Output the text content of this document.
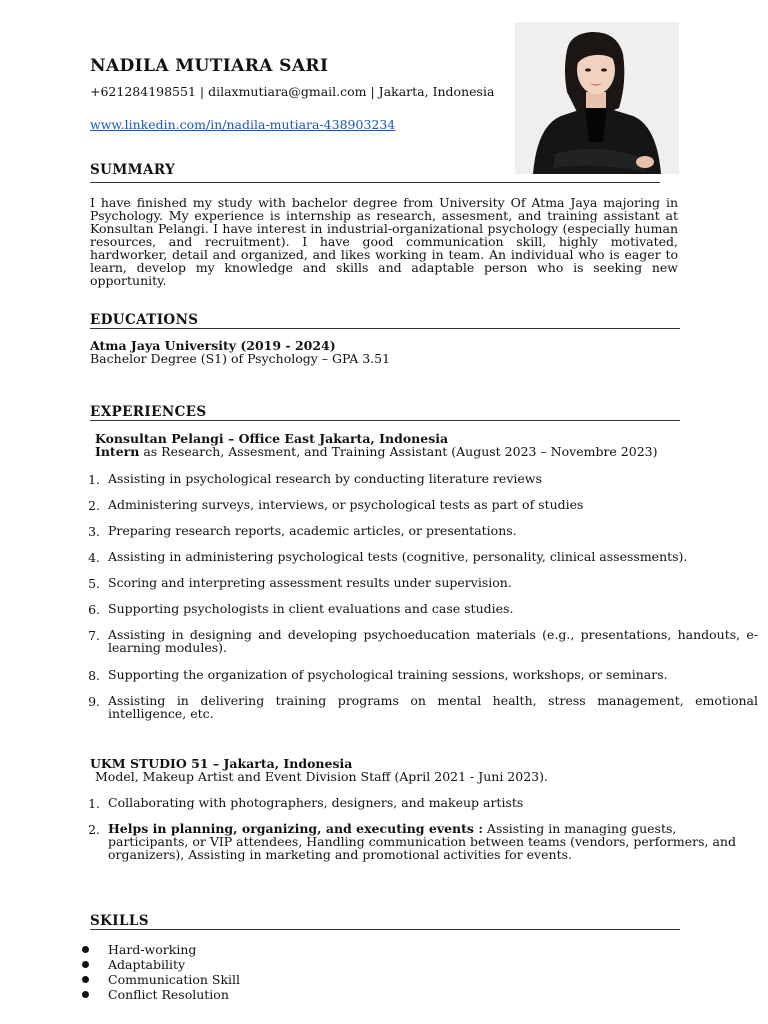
NADILA MUTIARA SARI
+621284198551 | dilaxmutiara@gmail.com | Jakarta, Indonesia
www.linkedin.com/in/nadila-mutiara-438903234
SUMMARY
I have finished my study with bachelor degree from University Of Atma Jaya majoring in Psychology. My experience is internship as research, assesment, and training assistant at Konsultan Pelangi. I have interest in industrial-organizational psychology (especially human resources, and recruitment). I have good communication skill, highly motivated, hardworker, detail and organized, and likes working in team. An individual who is eager to learn, develop my knowledge and skills and adaptable person who is seeking new opportunity.
EDUCATIONS
Atma Jaya University (2019 - 2024)
Bachelor Degree (S1) of Psychology – GPA 3.51
EXPERIENCES
Konsultan Pelangi – Office East Jakarta, Indonesia
Intern as Research, Assesment, and Training Assistant (August 2023 – Novembre 2023)
1. Assisting in psychological research by conducting literature reviews
2. Administering surveys, interviews, or psychological tests as part of studies
3. Preparing research reports, academic articles, or presentations.
4. Assisting in administering psychological tests (cognitive, personality, clinical assessments).
5. Scoring and interpreting assessment results under supervision.
6. Supporting psychologists in client evaluations and case studies.
7. Assisting in designing and developing psychoeducation materials (e.g., presentations, handouts, e-learning modules).
8. Supporting the organization of psychological training sessions, workshops, or seminars.
9. Assisting in delivering training programs on mental health, stress management, emotional intelligence, etc.
UKM STUDIO 51 – Jakarta, Indonesia
Model, Makeup Artist and Event Division Staff (April 2021 - Juni 2023).
1. Collaborating with photographers, designers, and makeup artists
2. Helps in planning, organizing, and executing events : Assisting in managing guests, participants, or VIP attendees, Handling communication between teams (vendors, performers, and organizers), Assisting in marketing and promotional activities for events.
SKILLS
Hard-working
Adaptability
Communication Skill
Conflict Resolution
